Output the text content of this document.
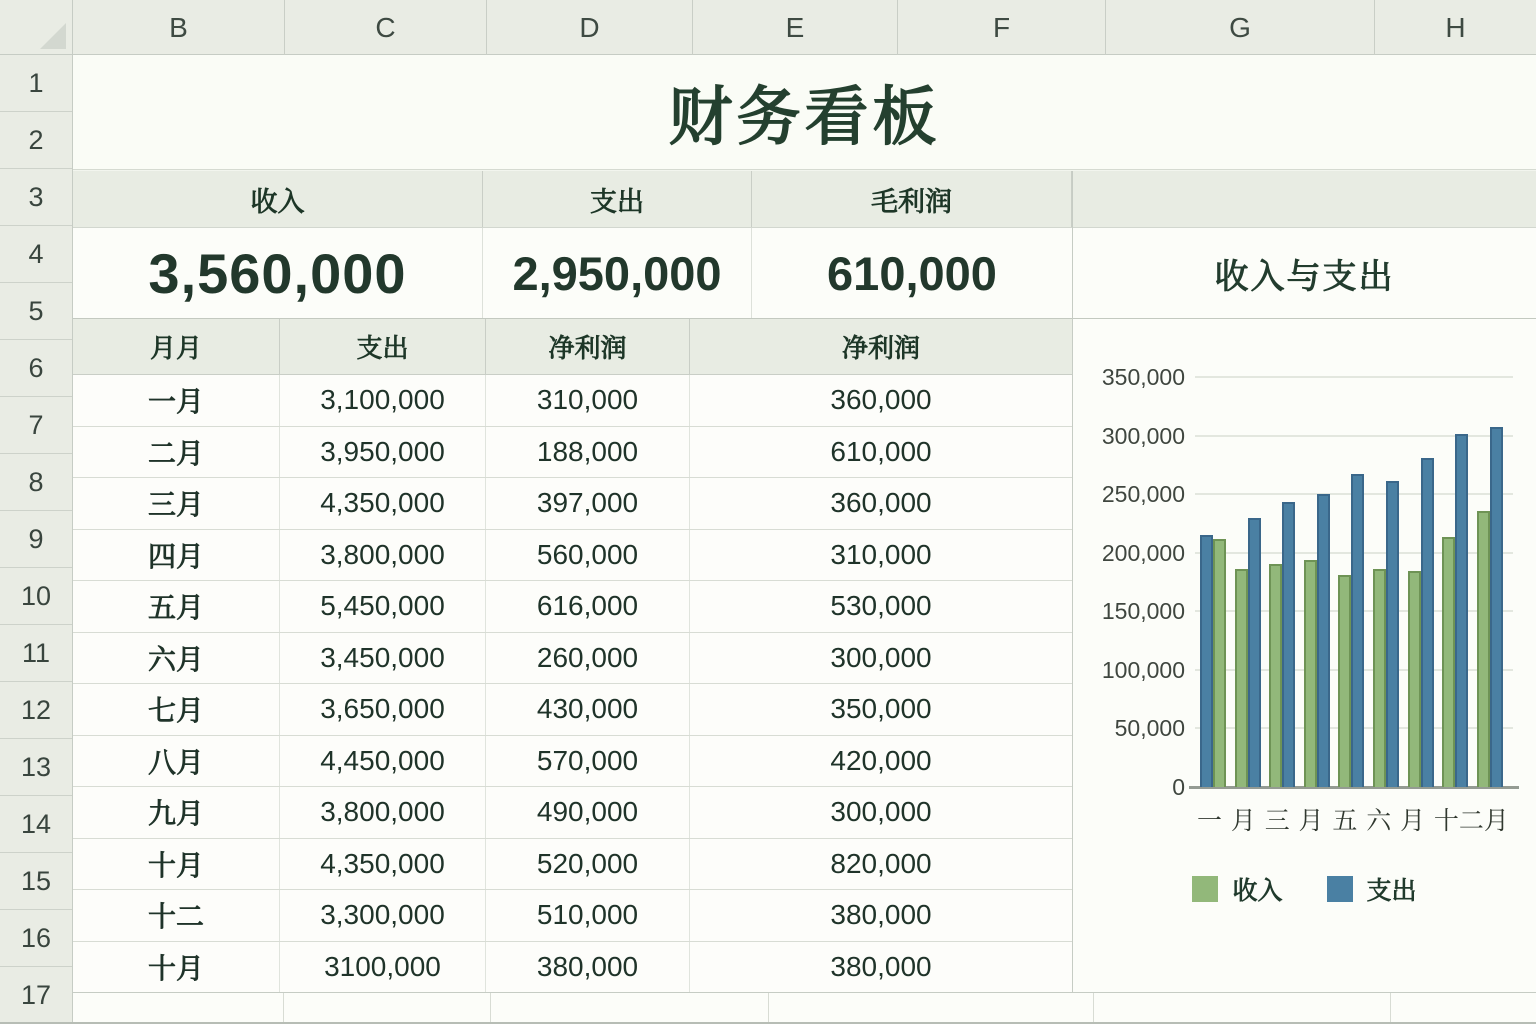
B	C	D	E	F	G	H
1
2
3
4
5
6
7
8
9
10
11
12
13
14
15
16
17
财务看板
收入	支出	毛利润
3,560,000	2,950,000	610,000
月月	支出	净利润	净利润
一月	3,100,000	310,000	360,000
二月	3,950,000	188,000	610,000
三月	4,350,000	397,000	360,000
四月	3,800,000	560,000	310,000
五月	5,450,000	616,000	530,000
六月	3,450,000	260,000	300,000
七月	3,650,000	430,000	350,000
八月	4,450,000	570,000	420,000
九月	3,800,000	490,000	300,000
十月	4,350,000	520,000	820,000
十二	3,300,000	510,000	380,000
十月	3100,000	380,000	380,000
收入与支出
一 月 三 月 五 六 月 十二月
收入	支出
350,000
300,000
250,000
200,000
150,000
100,000
50,000
0
